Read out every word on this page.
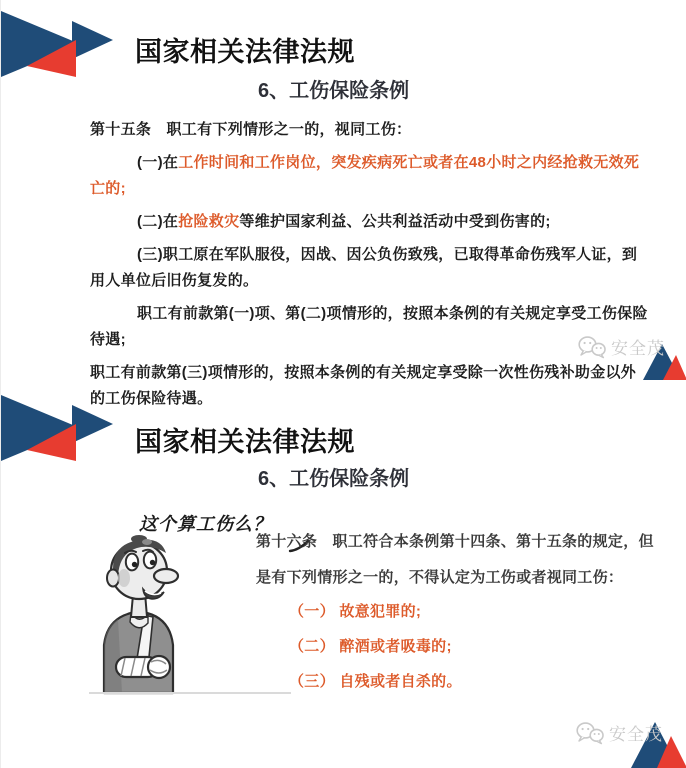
国家相关法律法规
6、工伤保险条例

第十五条　职工有下列情形之一的，视同工伤：

(一)在工作时间和工作岗位，突发疾病死亡或者在48小时之内经抢救无效死亡的;

(二)在抢险救灾等维护国家利益、公共利益活动中受到伤害的;

(三)职工原在军队服役，因战、因公负伤致残，已取得革命伤残军人证，到用人单位后旧伤复发的。

职工有前款第(一)项、第(二)项情形的，按照本条例的有关规定享受工伤保险待遇;

职工有前款第(三)项情形的，按照本条例的有关规定享受除一次性伤残补助金以外的工伤保险待遇。

安全茂
国家相关法律法规
6、工伤保险条例
这个算工伤么？
第十六条　职工符合本条例第十四条、第十五条的规定，但
是有下列情形之一的，不得认定为工伤或者视同工伤：
（一） 故意犯罪的;
（二） 醉酒或者吸毒的;
（三） 自残或者自杀的。
安全茂
